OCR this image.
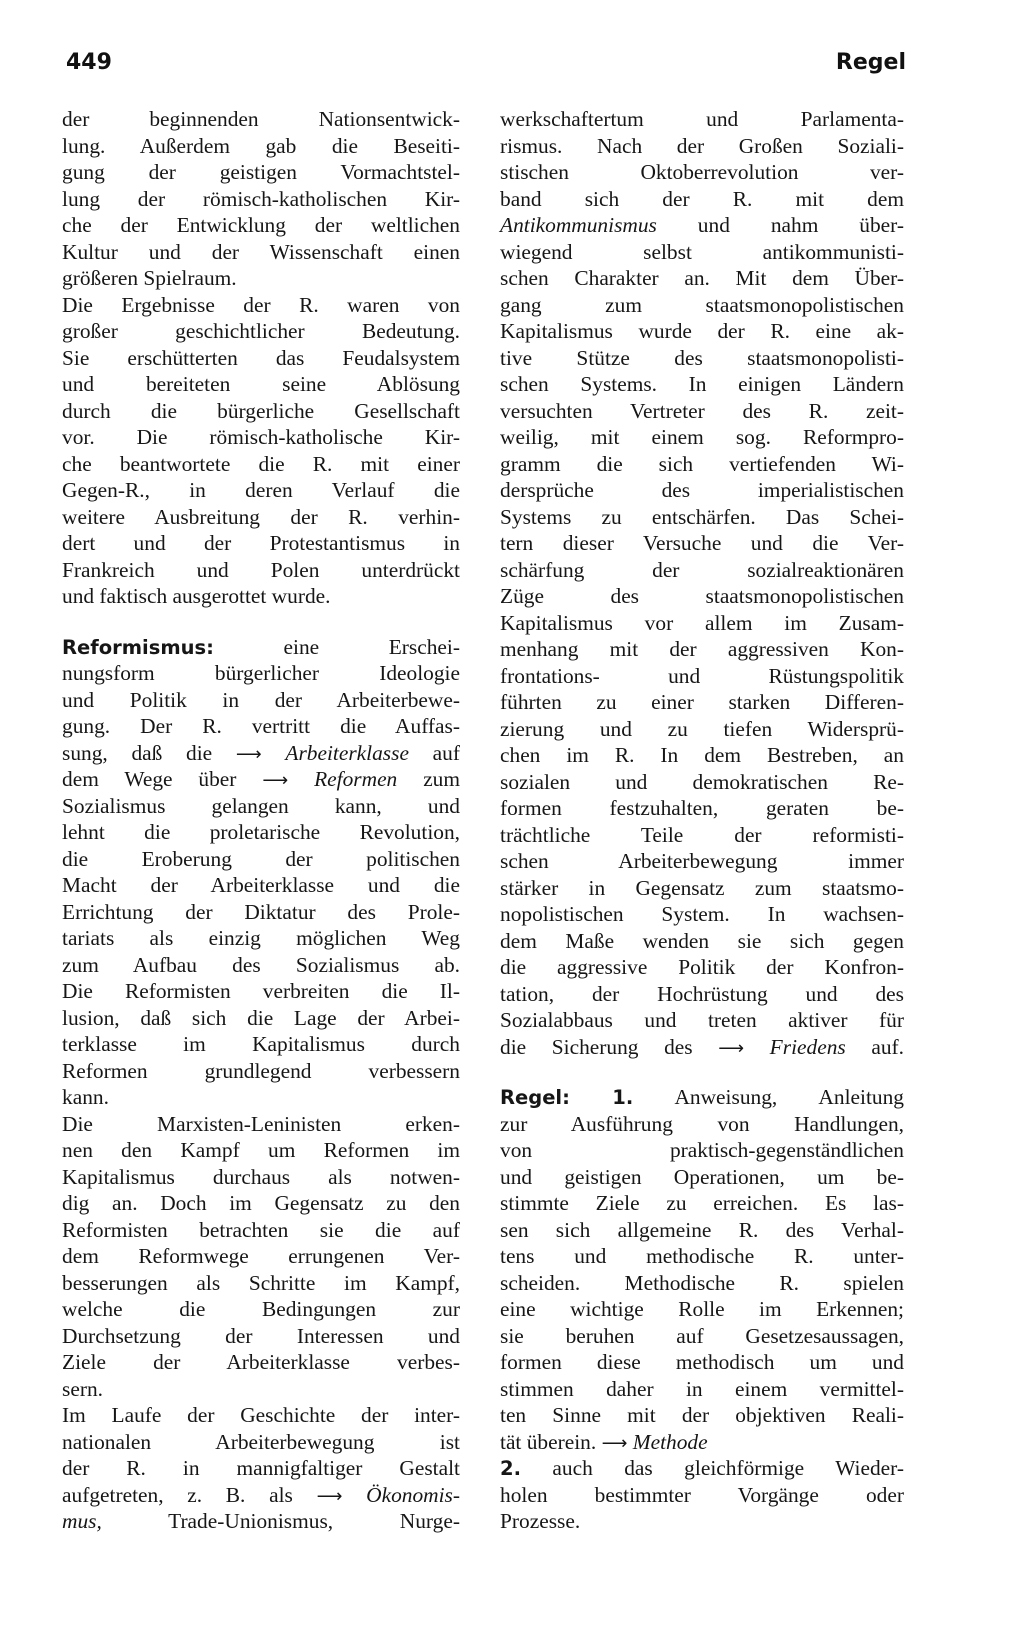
449	Regel
der beginnenden Nationsentwick-
lung. Außerdem gab die Beseiti-
gung der geistigen Vormachtstel-
lung der römisch-katholischen Kir-
che der Entwicklung der weltlichen
Kultur und der Wissenschaft einen
größeren Spielraum.
Die Ergebnisse der R. waren von
großer geschichtlicher Bedeutung.
Sie erschütterten das Feudalsystem
und bereiteten seine Ablösung
durch die bürgerliche Gesellschaft
vor. Die römisch-katholische Kir-
che beantwortete die R. mit einer
Gegen-R., in deren Verlauf die
weitere Ausbreitung der R. verhin-
dert und der Protestantismus in
Frankreich und Polen unterdrückt
und faktisch ausgerottet wurde.
Reformismus:	eine Erschei-
nungsform bürgerlicher Ideologie
und Politik in der Arbeiterbewe-
gung. Der R. vertritt die Auffas-
sung, daß die ⟶ Arbeiterklasse auf
dem Wege über ⟶ Reformen zum
Sozialismus gelangen kann, und
lehnt die proletarische Revolution,
die Eroberung der politischen
Macht der Arbeiterklasse und die
Errichtung der Diktatur des Prole-
tariats als einzig möglichen Weg
zum Aufbau des Sozialismus ab.
Die Reformisten verbreiten die Il-
lusion, daß sich die Lage der Arbei-
terklasse im Kapitalismus durch
Reformen grundlegend verbessern
kann.
Die Marxisten-Leninisten erken-
nen den Kampf um Reformen im
Kapitalismus durchaus als notwen-
dig an. Doch im Gegensatz zu den
Reformisten betrachten sie die auf
dem Reformwege errungenen Ver-
besserungen als Schritte im Kampf,
welche die Bedingungen zur
Durchsetzung der Interessen und
Ziele der Arbeiterklasse verbes-
sern.
Im Laufe der Geschichte der inter-
nationalen Arbeiterbewegung ist
der R. in mannigfaltiger Gestalt
aufgetreten, z. B. als ⟶ Ökonomis-
mus,	Trade-Unionismus, Nurge-
werkschaftertum und Parlamenta-
rismus. Nach der Großen Soziali-
stischen Oktoberrevolution ver-
band sich der R. mit dem
Antikommunismus und nahm über-
wiegend selbst antikommunisti-
schen Charakter an. Mit dem Über-
gang zum staatsmonopolistischen
Kapitalismus wurde der R. eine ak-
tive Stütze des staatsmonopolisti-
schen Systems. In einigen Ländern
versuchten Vertreter des R. zeit-
weilig, mit einem sog. Reformpro-
gramm die sich vertiefenden Wi-
dersprüche des imperialistischen
Systems zu entschärfen. Das Schei-
tern dieser Versuche und die Ver-
schärfung der sozialreaktionären
Züge des staatsmonopolistischen
Kapitalismus vor allem im Zusam-
menhang mit der aggressiven Kon-
frontations- und Rüstungspolitik
führten zu einer starken Differen-
zierung und zu tiefen Widersprü-
chen im R. In dem Bestreben, an
sozialen und demokratischen Re-
formen festzuhalten, geraten be-
trächtliche Teile der reformisti-
schen Arbeiterbewegung immer
stärker in Gegensatz zum staatsmo-
nopolistischen System. In wachsen-
dem Maße wenden sie sich gegen
die aggressive Politik der Konfron-
tation, der Hochrüstung und des
Sozialabbaus und treten aktiver für
die Sicherung des ⟶ Friedens auf.
Regel: 1. Anweisung, Anleitung
zur Ausführung von Handlungen,
von praktisch-gegenständlichen
und geistigen Operationen, um be-
stimmte Ziele zu erreichen. Es las-
sen sich allgemeine R. des Verhal-
tens und methodische R. unter-
scheiden. Methodische R. spielen
eine wichtige Rolle im Erkennen;
sie beruhen auf Gesetzesaussagen,
formen diese methodisch um und
stimmen daher in einem vermittel-
ten Sinne mit der objektiven Reali-
tät überein. ⟶ Methode
2. auch das gleichförmige Wieder-
holen bestimmter Vorgänge oder
Prozesse.
